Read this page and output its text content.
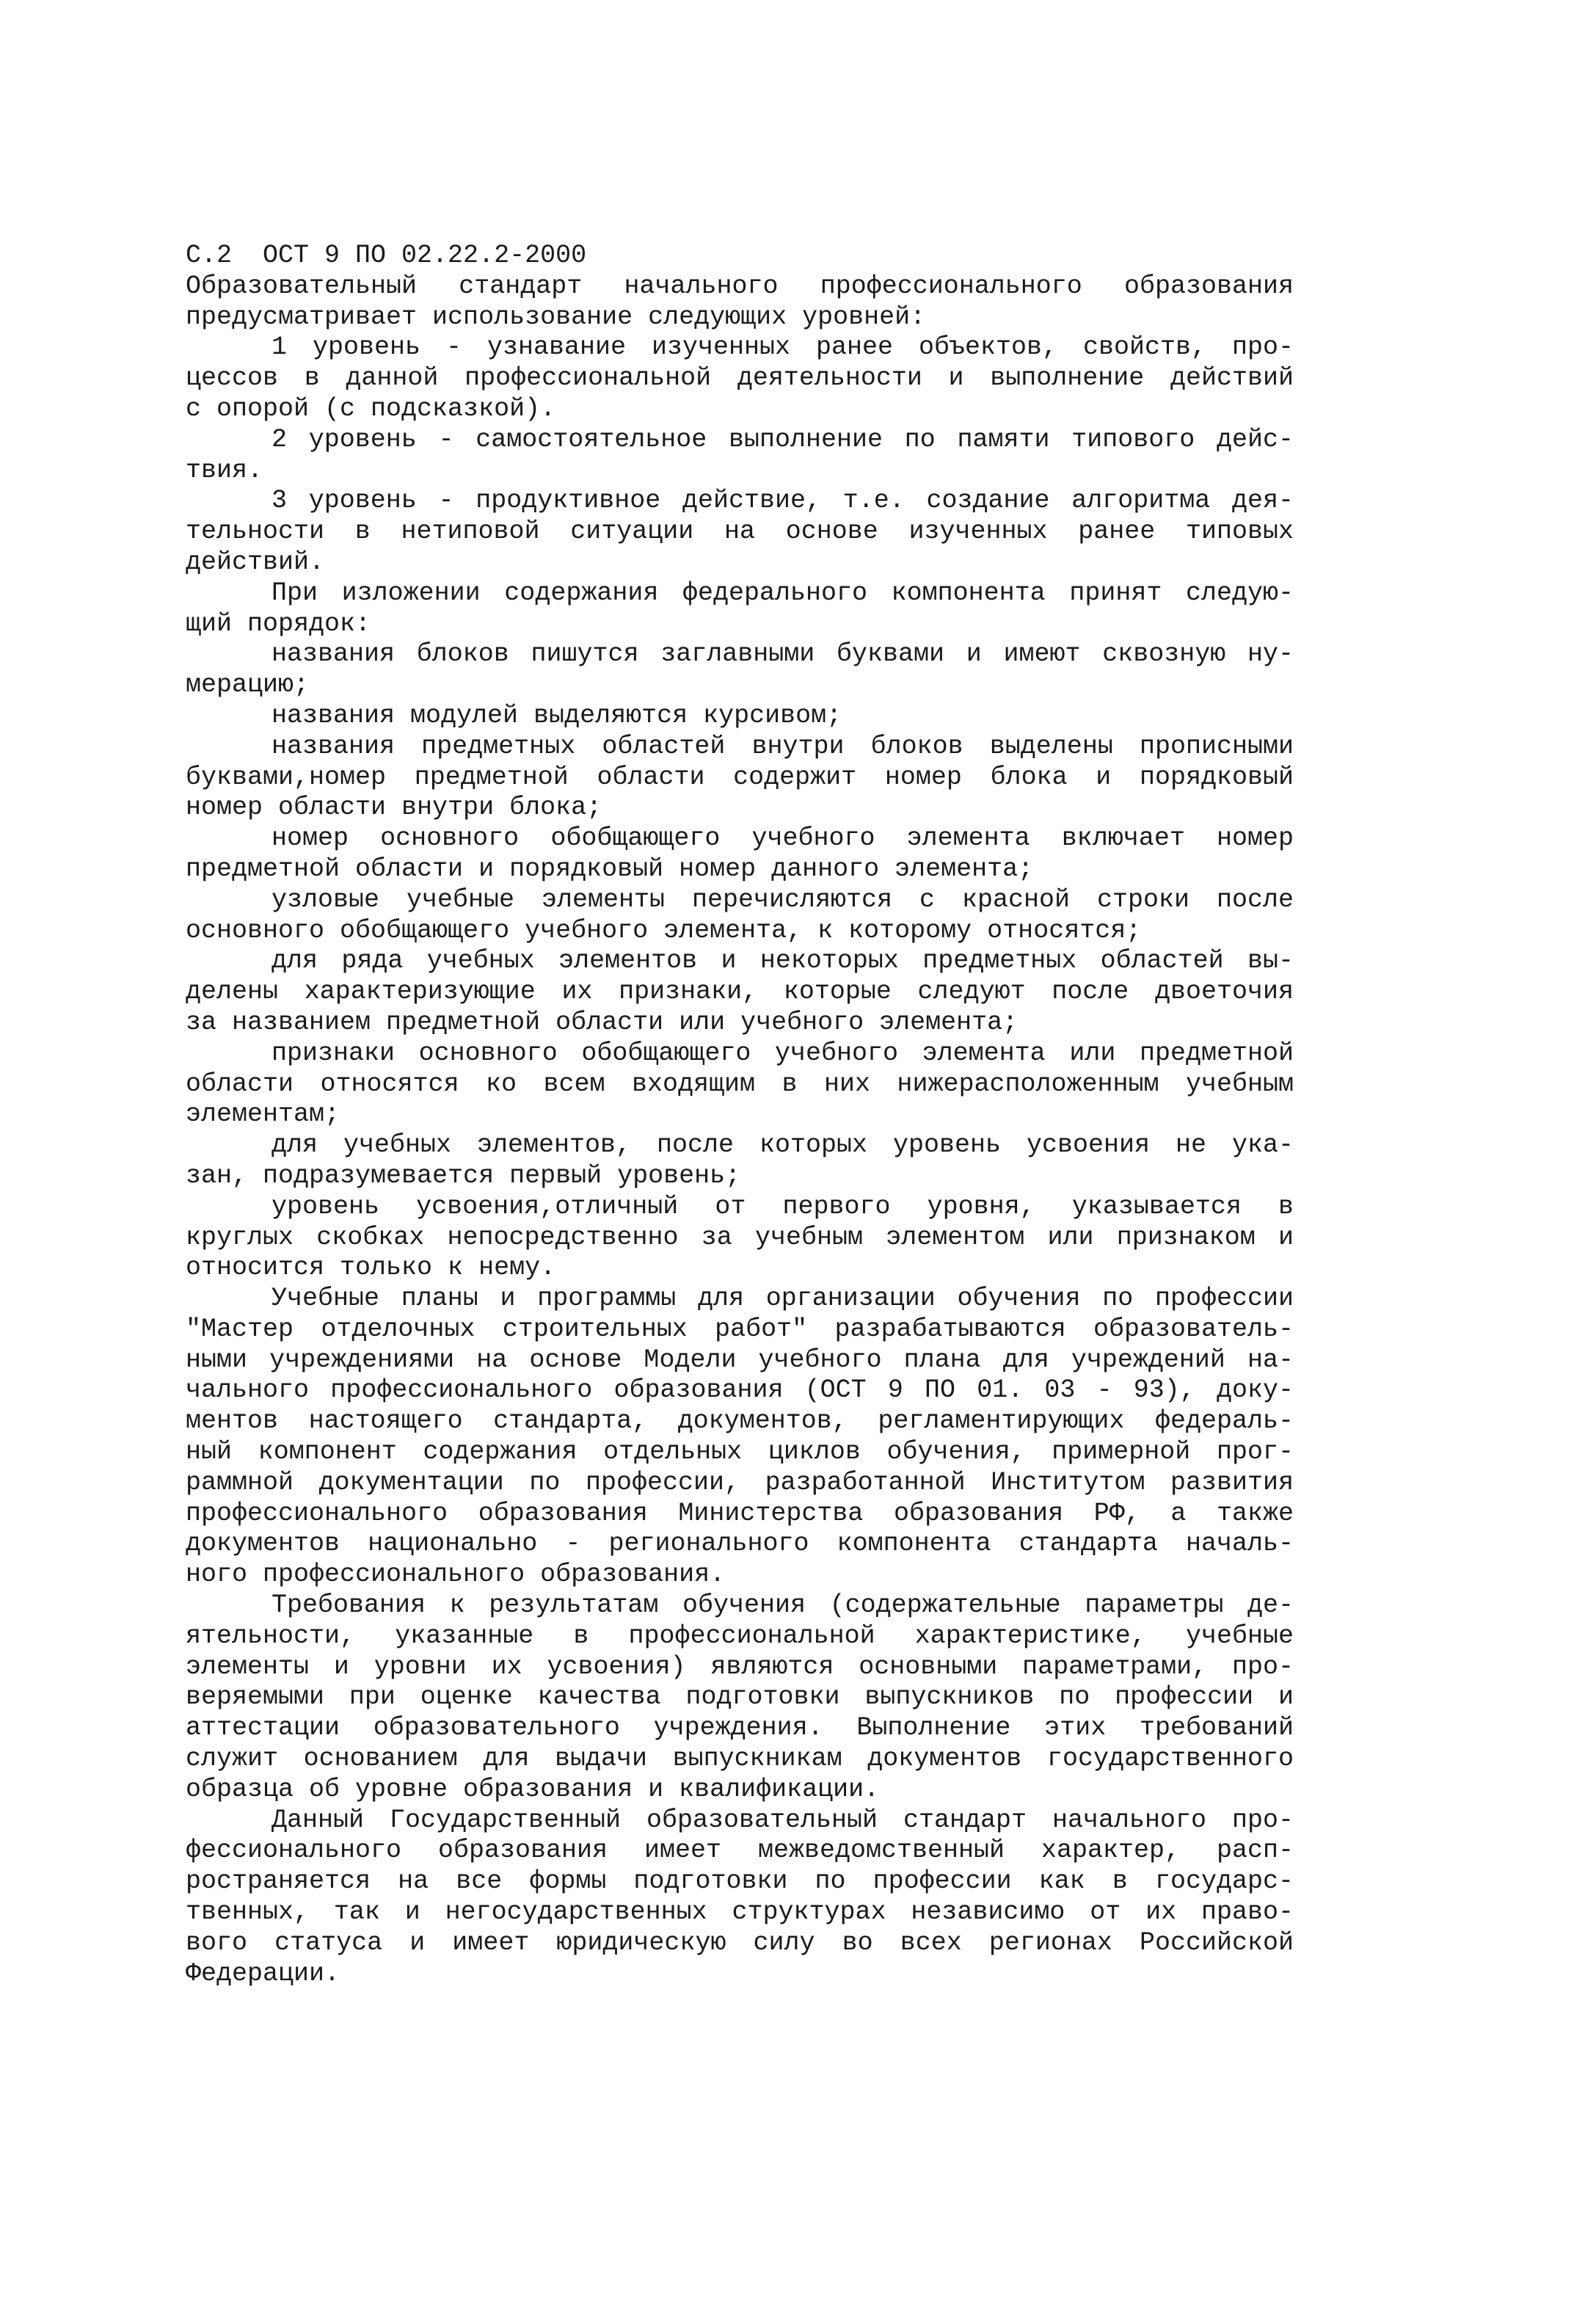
С.2  ОСТ 9 ПО 02.22.2-2000
Образовательный стандарт начального профессионального образования
предусматривает использование следующих уровней:
1 уровень - узнавание изученных ранее объектов, свойств, про-
цессов в данной профессиональной деятельности и выполнение действий
с опорой (с подсказкой).
2 уровень - самостоятельное выполнение по памяти типового дейс-
твия.
3 уровень - продуктивное действие, т.е. создание алгоритма дея-
тельности в нетиповой ситуации на основе изученных ранее типовых
действий.
При изложении содержания федерального компонента принят следую-
щий порядок:
названия блоков пишутся заглавными буквами и имеют сквозную ну-
мерацию;
названия модулей выделяются курсивом;
названия предметных областей внутри блоков выделены прописными
буквами,номер предметной области содержит номер блока и порядковый
номер области внутри блока;
номер основного обобщающего учебного элемента включает номер
предметной области и порядковый номер данного элемента;
узловые учебные элементы перечисляются с красной строки после
основного обобщающего учебного элемента, к которому относятся;
для ряда учебных элементов и некоторых предметных областей вы-
делены характеризующие их признаки, которые следуют после двоеточия
за названием предметной области или учебного элемента;
признаки основного обобщающего учебного элемента или предметной
области относятся ко всем входящим в них нижерасположенным учебным
элементам;
для учебных элементов, после которых уровень усвоения не ука-
зан, подразумевается первый уровень;
уровень усвоения,отличный от первого уровня, указывается в
круглых скобках непосредственно за учебным элементом или признаком и
относится только к нему.
Учебные планы и программы для организации обучения по профессии
"Мастер отделочных строительных работ" разрабатываются образователь-
ными учреждениями на основе Модели учебного плана для учреждений на-
чального профессионального образования (ОСТ 9 ПО 01. 03 - 93), доку-
ментов настоящего стандарта, документов, регламентирующих федераль-
ный компонент содержания отдельных циклов обучения, примерной прог-
раммной документации по профессии, разработанной Институтом развития
профессионального образования Министерства образования РФ, а также
документов национально - регионального компонента стандарта началь-
ного профессионального образования.
Требования к результатам обучения (содержательные параметры де-
ятельности, указанные в профессиональной характеристике, учебные
элементы и уровни их усвоения) являются основными параметрами, про-
веряемыми при оценке качества подготовки выпускников по профессии и
аттестации образовательного учреждения. Выполнение этих требований
служит основанием для выдачи выпускникам документов государственного
образца об уровне образования и квалификации.
Данный Государственный образовательный стандарт начального про-
фессионального образования имеет межведомственный характер, расп-
ространяется на все формы подготовки по профессии как в государс-
твенных, так и негосударственных структурах независимо от их право-
вого статуса и имеет юридическую силу во всех регионах Российской
Федерации.
